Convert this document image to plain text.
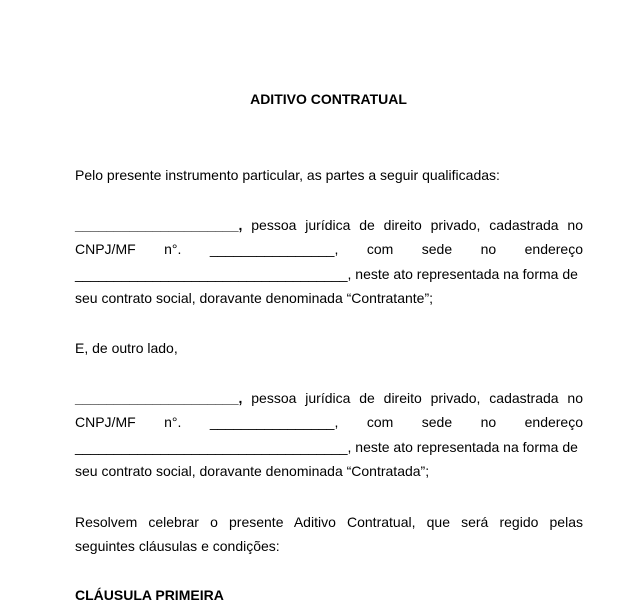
ADITIVO CONTRATUAL
Pelo presente instrumento particular, as partes a seguir qualificadas:
_____________________, pessoa jurídica de direito privado, cadastrada no
CNPJ/MF n°. ________________, com sede no endereço
___________________________________, neste ato representada na forma de
seu contrato social, doravante denominada “Contratante”;
E, de outro lado,
_____________________, pessoa jurídica de direito privado, cadastrada no
CNPJ/MF n°. ________________, com sede no endereço
___________________________________, neste ato representada na forma de
seu contrato social, doravante denominada “Contratada”;
Resolvem celebrar o presente Aditivo Contratual, que será regido pelas
seguintes cláusulas e condições:
CLÁUSULA PRIMEIRA
